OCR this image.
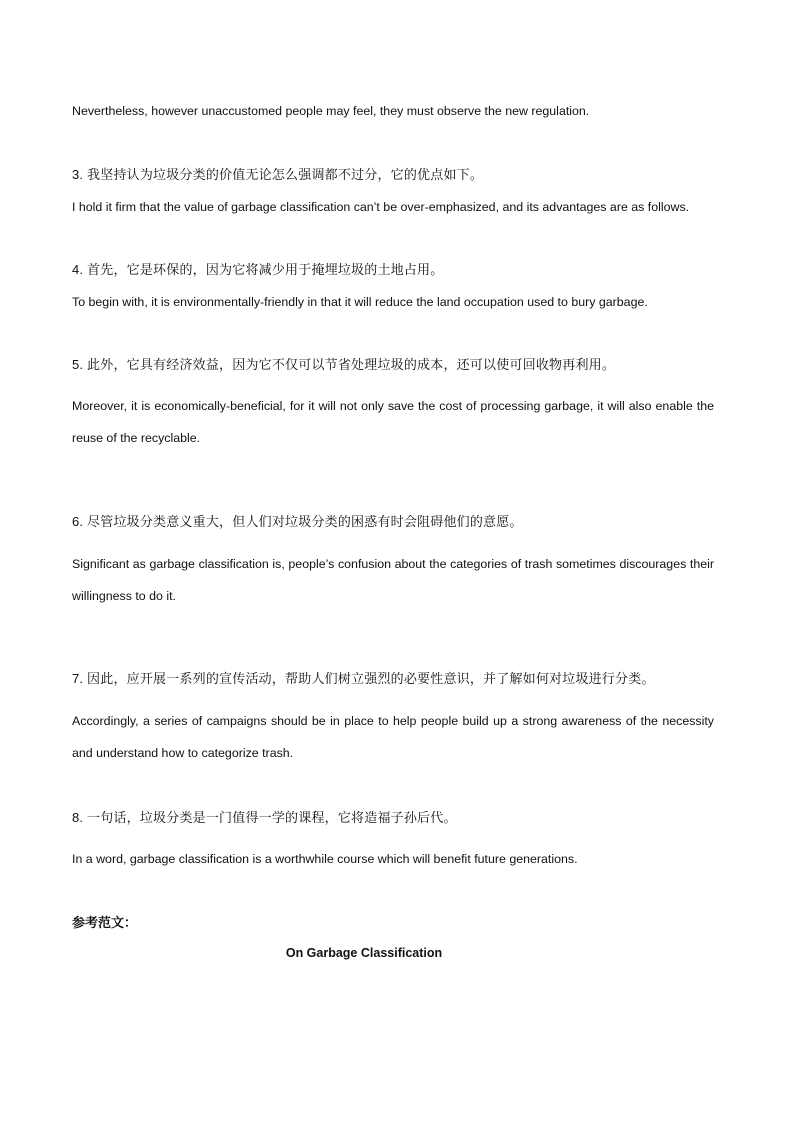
Nevertheless, however unaccustomed people may feel, they must observe the new regulation.
3. 我坚持认为垃圾分类的价值无论怎么强调都不过分，它的优点如下。
I hold it firm that the value of garbage classification can’t be over-emphasized, and its advantages are as follows.
4. 首先，它是环保的，因为它将减少用于掩埋垃圾的土地占用。
To begin with, it is environmentally-friendly in that it will reduce the land occupation used to bury garbage.
5. 此外，它具有经济效益，因为它不仅可以节省处理垃圾的成本，还可以使可回收物再利用。
Moreover, it is economically-beneficial, for it will not only save the cost of processing garbage, it will also enable the reuse of the recyclable.
6. 尽管垃圾分类意义重大，但人们对垃圾分类的困惑有时会阻碍他们的意愿。
Significant as garbage classification is, people’s confusion about the categories of trash sometimes discourages their willingness to do it.
7. 因此，应开展一系列的宣传活动，帮助人们树立强烈的必要性意识，并了解如何对垃圾进行分类。
Accordingly, a series of campaigns should be in place to help people build up a strong awareness of the necessity and understand how to categorize trash.
8. 一句话，垃圾分类是一门值得一学的课程，它将造福子孙后代。
In a word, garbage classification is a worthwhile course which will benefit future generations.
参考范文：
On Garbage Classification
